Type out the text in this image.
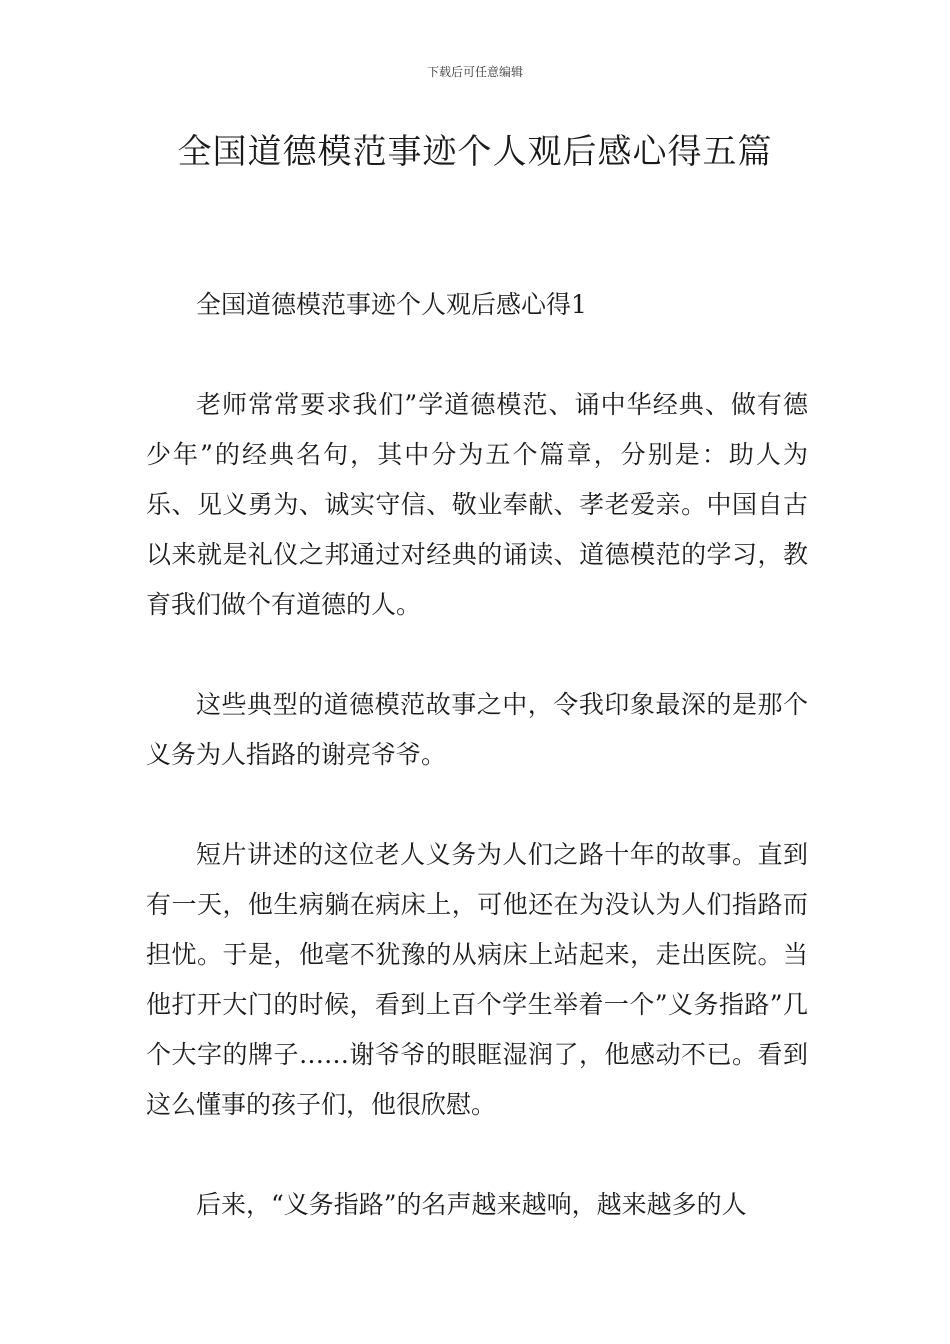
下载后可任意编辑
全国道德模范事迹个人观后感心得五篇

全国道德模范事迹个人观后感心得1

老师常常要求我们”学道德模范、诵中华经典、做有德少年”的经典名句，其中分为五个篇章，分别是：助人为乐、见义勇为、诚实守信、敬业奉献、孝老爱亲。中国自古以来就是礼仪之邦通过对经典的诵读、道德模范的学习，教育我们做个有道德的人。

这些典型的道德模范故事之中，令我印象最深的是那个义务为人指路的谢亮爷爷。

短片讲述的这位老人义务为人们之路十年的故事。直到有一天，他生病躺在病床上，可他还在为没认为人们指路而担忧。于是，他毫不犹豫的从病床上站起来，走出医院。当他打开大门的时候，看到上百个学生举着一个”义务指路”几个大字的牌子……谢爷爷的眼眶湿润了，他感动不已。看到这么懂事的孩子们，他很欣慰。

后来，“义务指路”的名声越来越响，越来越多的人
